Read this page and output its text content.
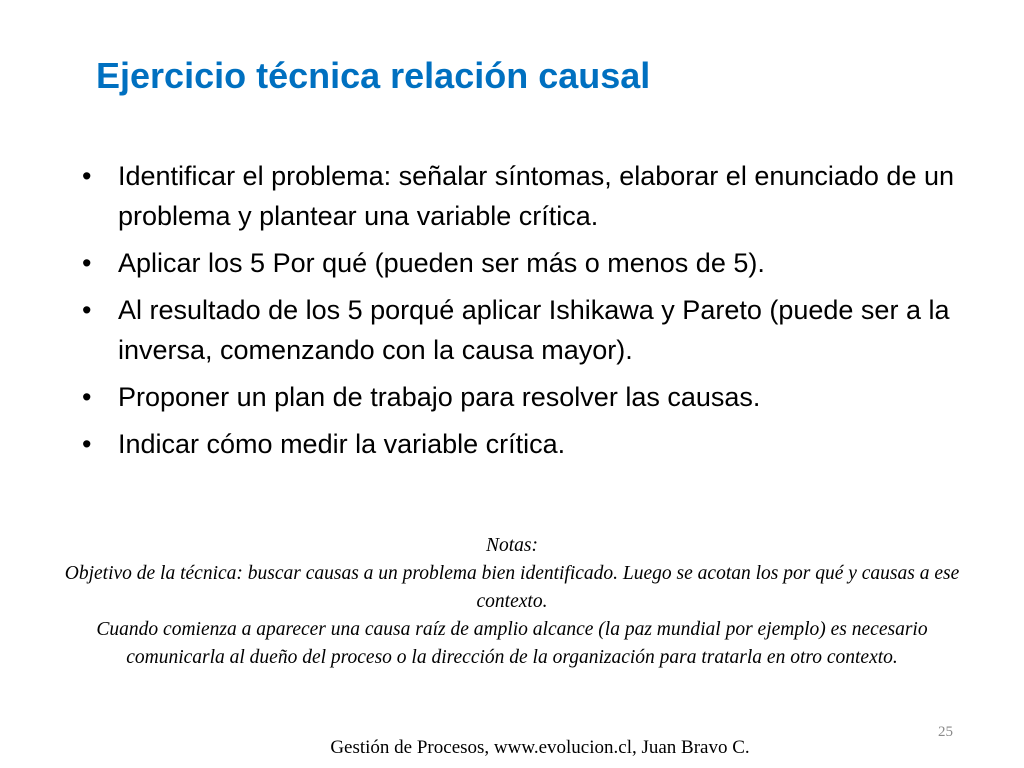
Ejercicio técnica relación causal
• Identificar el problema: señalar síntomas, elaborar el enunciado de un problema y plantear una variable crítica.
• Aplicar los 5 Por qué (pueden ser más o menos de 5).
• Al resultado de los 5 porqué aplicar Ishikawa y Pareto (puede ser a la inversa, comenzando con la causa mayor).
• Proponer un plan de trabajo para resolver las causas.
• Indicar cómo medir la variable crítica.
Notas:
Objetivo de la técnica: buscar causas a un problema bien identificado. Luego se acotan los por qué y causas a ese contexto.
Cuando comienza a aparecer una causa raíz de amplio alcance (la paz mundial por ejemplo) es necesario comunicarla al dueño del proceso o la dirección de la organización para tratarla en otro contexto.
25
Gestión de Procesos, www.evolucion.cl, Juan Bravo C.
